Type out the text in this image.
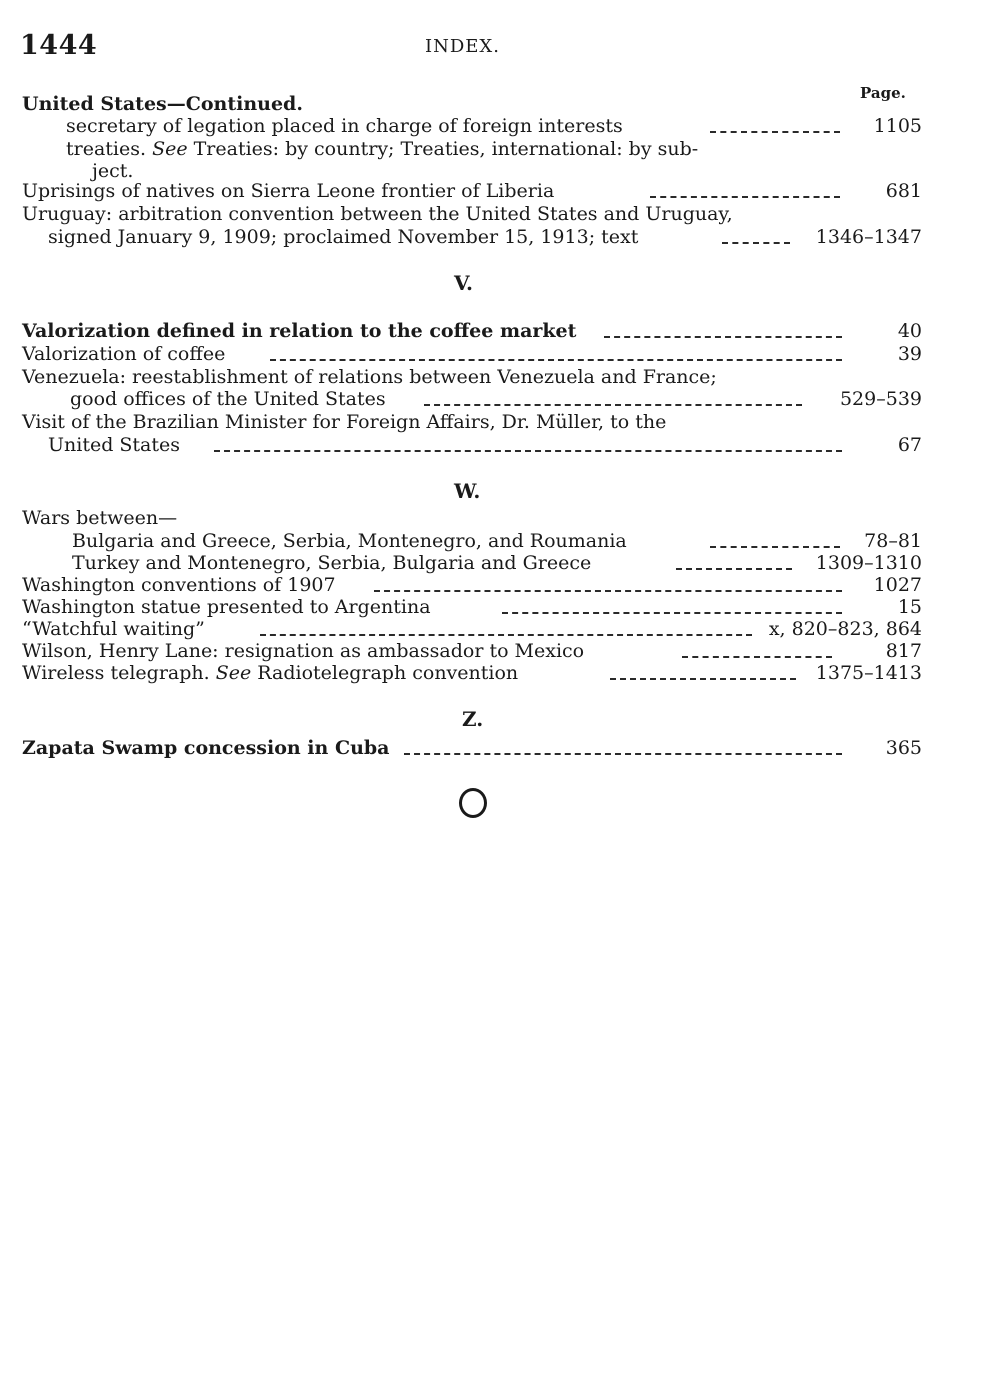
1444	INDEX.
Page.
United States—Continued.
secretary of legation placed in charge of foreign interests	1105
treaties. See Treaties: by country; Treaties, international: by sub-
ject.
Uprisings of natives on Sierra Leone frontier of Liberia	681
Uruguay: arbitration convention between the United States and Uruguay,
signed January 9, 1909; proclaimed November 15, 1913; text	1346–1347
V.
Valorization defined in relation to the coffee market	40
Valorization of coffee	39
Venezuela: reestablishment of relations between Venezuela and France;
good offices of the United States	529–539
Visit of the Brazilian Minister for Foreign Affairs, Dr. Müller, to the
United States	67
W.
Wars between—
Bulgaria and Greece, Serbia, Montenegro, and Roumania	78–81
Turkey and Montenegro, Serbia, Bulgaria and Greece	1309–1310
Washington conventions of 1907	1027
Washington statue presented to Argentina	15
“Watchful waiting”	x, 820–823, 864
Wilson, Henry Lane: resignation as ambassador to Mexico	817
Wireless telegraph. See Radiotelegraph convention	1375–1413
Z.
Zapata Swamp concession in Cuba	365
